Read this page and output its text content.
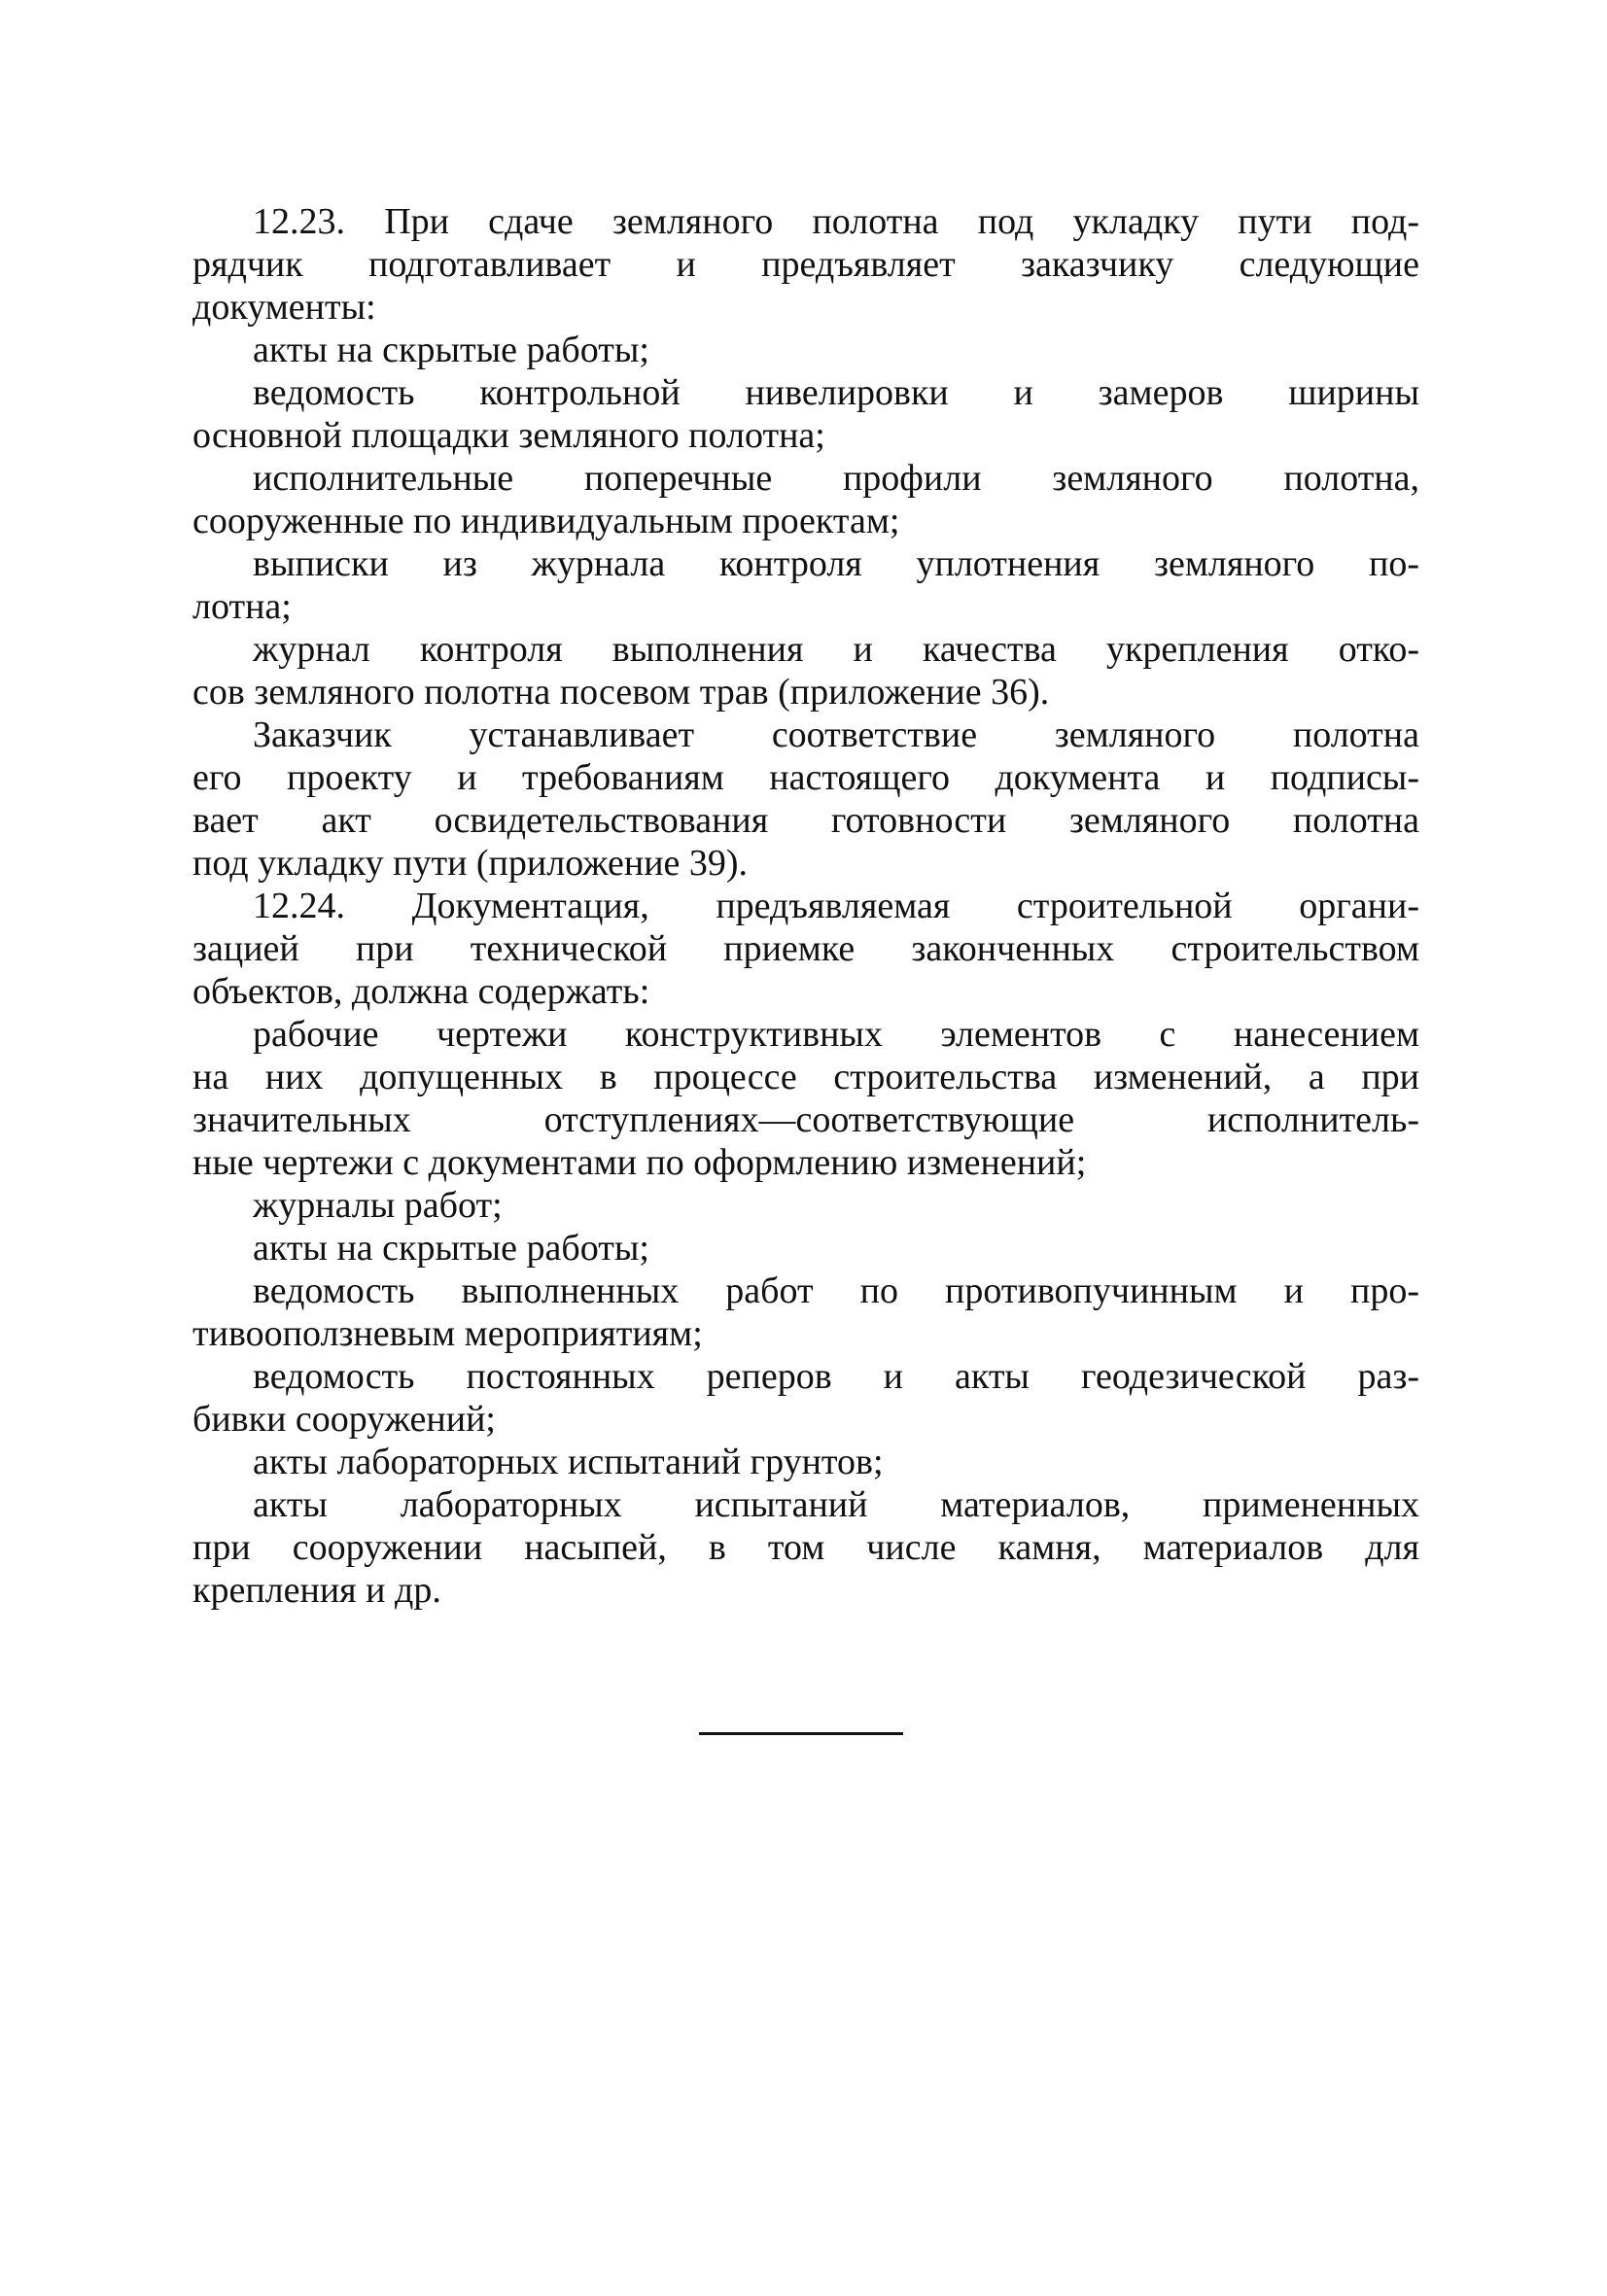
12.23. При сдаче земляного полотна под укладку пути под-
рядчик подготавливает и предъявляет заказчику следующие
документы:
акты на скрытые работы;
ведомость контрольной нивелировки и замеров ширины
основной площадки земляного полотна;
исполнительные поперечные профили земляного полотна,
сооруженные по индивидуальным проектам;
выписки из журнала контроля уплотнения земляного по-
лотна;
журнал контроля выполнения и качества укрепления отко-
сов земляного полотна посевом трав (приложение 36).
Заказчик устанавливает соответствие земляного полотна
его проекту и требованиям настоящего документа и подписы-
вает акт освидетельствования готовности земляного полотна
под укладку пути (приложение 39).
12.24. Документация, предъявляемая строительной органи-
зацией при технической приемке законченных строительством
объектов, должна содержать:
рабочие чертежи конструктивных элементов с нанесением
на них допущенных в процессе строительства изменений, а при
значительных отступлениях—соответствующие исполнитель-
ные чертежи с документами по оформлению изменений;
журналы работ;
акты на скрытые работы;
ведомость выполненных работ по противопучинным и про-
тивооползневым мероприятиям;
ведомость постоянных реперов и акты геодезической раз-
бивки сооружений;
акты лабораторных испытаний грунтов;
акты лабораторных испытаний материалов, примененных
при сооружении насыпей, в том числе камня, материалов для
крепления и др.
